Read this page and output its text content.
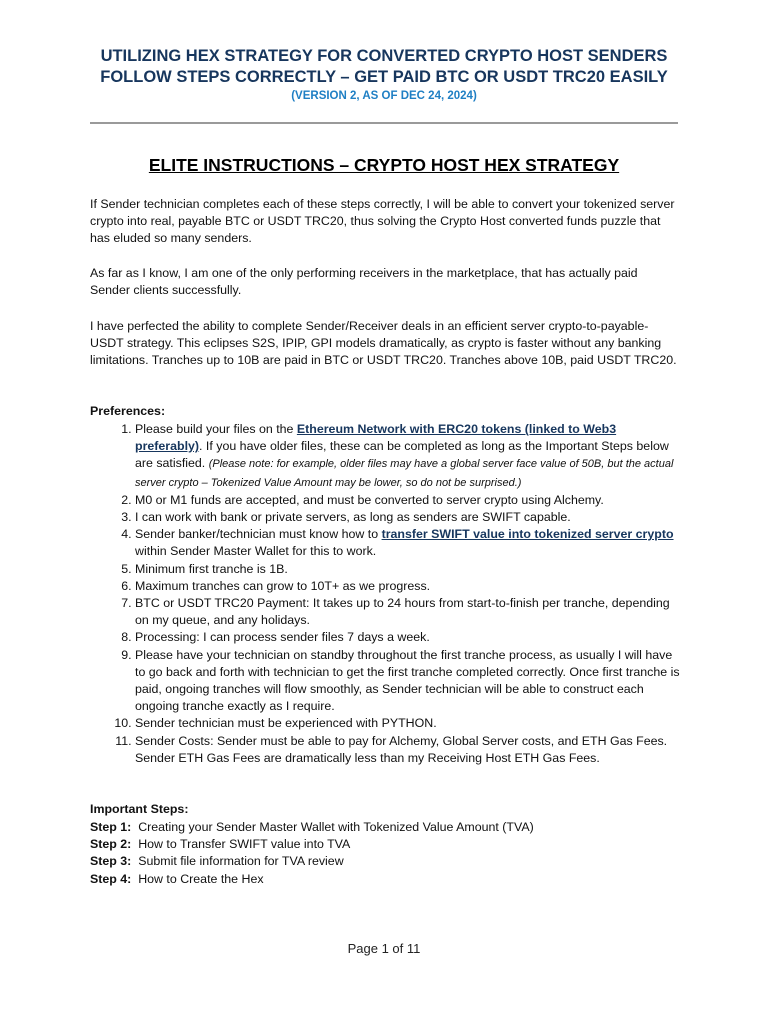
UTILIZING HEX STRATEGY FOR CONVERTED CRYPTO HOST SENDERS
FOLLOW STEPS CORRECTLY – GET PAID BTC OR USDT TRC20 EASILY
(VERSION 2, AS OF DEC 24, 2024)
ELITE INSTRUCTIONS – CRYPTO HOST HEX STRATEGY

If Sender technician completes each of these steps correctly, I will be able to convert your tokenized server crypto into real, payable BTC or USDT TRC20, thus solving the Crypto Host converted funds puzzle that has eluded so many senders.

As far as I know, I am one of the only performing receivers in the marketplace, that has actually paid Sender clients successfully.

I have perfected the ability to complete Sender/Receiver deals in an efficient server crypto-to-payable-USDT strategy. This eclipses S2S, IPIP, GPI models dramatically, as crypto is faster without any banking limitations. Tranches up to 10B are paid in BTC or USDT TRC20. Tranches above 10B, paid USDT TRC20.

Preferences:
1. Please build your files on the Ethereum Network with ERC20 tokens (linked to Web3 preferably). If you have older files, these can be completed as long as the Important Steps below are satisfied. (Please note: for example, older files may have a global server face value of 50B, but the actual server crypto – Tokenized Value Amount may be lower, so do not be surprised.)
2. M0 or M1 funds are accepted, and must be converted to server crypto using Alchemy.
3. I can work with bank or private servers, as long as senders are SWIFT capable.
4. Sender banker/technician must know how to transfer SWIFT value into tokenized server crypto within Sender Master Wallet for this to work.
5. Minimum first tranche is 1B.
6. Maximum tranches can grow to 10T+ as we progress.
7. BTC or USDT TRC20 Payment: It takes up to 24 hours from start-to-finish per tranche, depending on my queue, and any holidays.
8. Processing: I can process sender files 7 days a week.
9. Please have your technician on standby throughout the first tranche process, as usually I will have to go back and forth with technician to get the first tranche completed correctly. Once first tranche is paid, ongoing tranches will flow smoothly, as Sender technician will be able to construct each ongoing tranche exactly as I require.
10. Sender technician must be experienced with PYTHON.
11. Sender Costs: Sender must be able to pay for Alchemy, Global Server costs, and ETH Gas Fees. Sender ETH Gas Fees are dramatically less than my Receiving Host ETH Gas Fees.
Important Steps:
Step 1: Creating your Sender Master Wallet with Tokenized Value Amount (TVA)
Step 2: How to Transfer SWIFT value into TVA
Step 3: Submit file information for TVA review
Step 4: How to Create the Hex
Page 1 of 11
